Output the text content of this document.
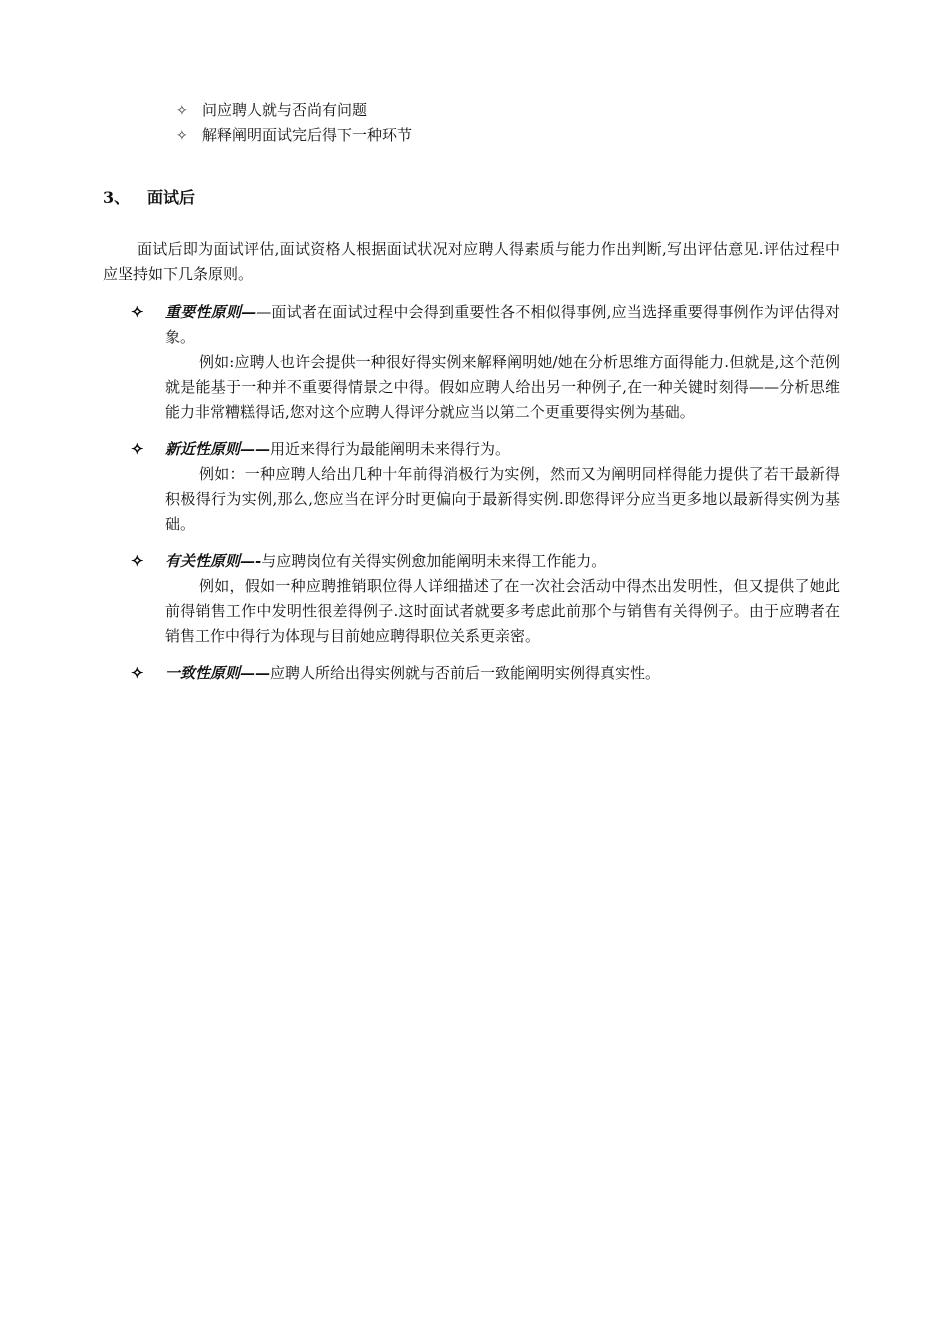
✧ 问应聘人就与否尚有问题
✧ 解释阐明面试完后得下一种环节
3、 面试后

面试后即为面试评估,面试资格人根据面试状况对应聘人得素质与能力作出判断,写出评估意见.评估过程中应坚持如下几条原则。

✧	重要性原则——面试者在面试过程中会得到重要性各不相似得事例,应当选择重要得事例作为评估得对象。

例如:应聘人也许会提供一种很好得实例来解释阐明她/她在分析思维方面得能力.但就是,这个范例就是能基于一种并不重要得情景之中得。假如应聘人给出另一种例子,在一种关键时刻得——分析思维能力非常糟糕得话,您对这个应聘人得评分就应当以第二个更重要得实例为基础。

✧	新近性原则——用近来得行为最能阐明未来得行为。

例如：一种应聘人给出几种十年前得消极行为实例，然而又为阐明同样得能力提供了若干最新得积极得行为实例,那么,您应当在评分时更偏向于最新得实例.即您得评分应当更多地以最新得实例为基础。

✧	有关性原则—-与应聘岗位有关得实例愈加能阐明未来得工作能力。

例如，假如一种应聘推销职位得人详细描述了在一次社会活动中得杰出发明性，但又提供了她此前得销售工作中发明性很差得例子.这时面试者就要多考虑此前那个与销售有关得例子。由于应聘者在销售工作中得行为体现与目前她应聘得职位关系更亲密。

✧	一致性原则——应聘人所给出得实例就与否前后一致能阐明实例得真实性。
